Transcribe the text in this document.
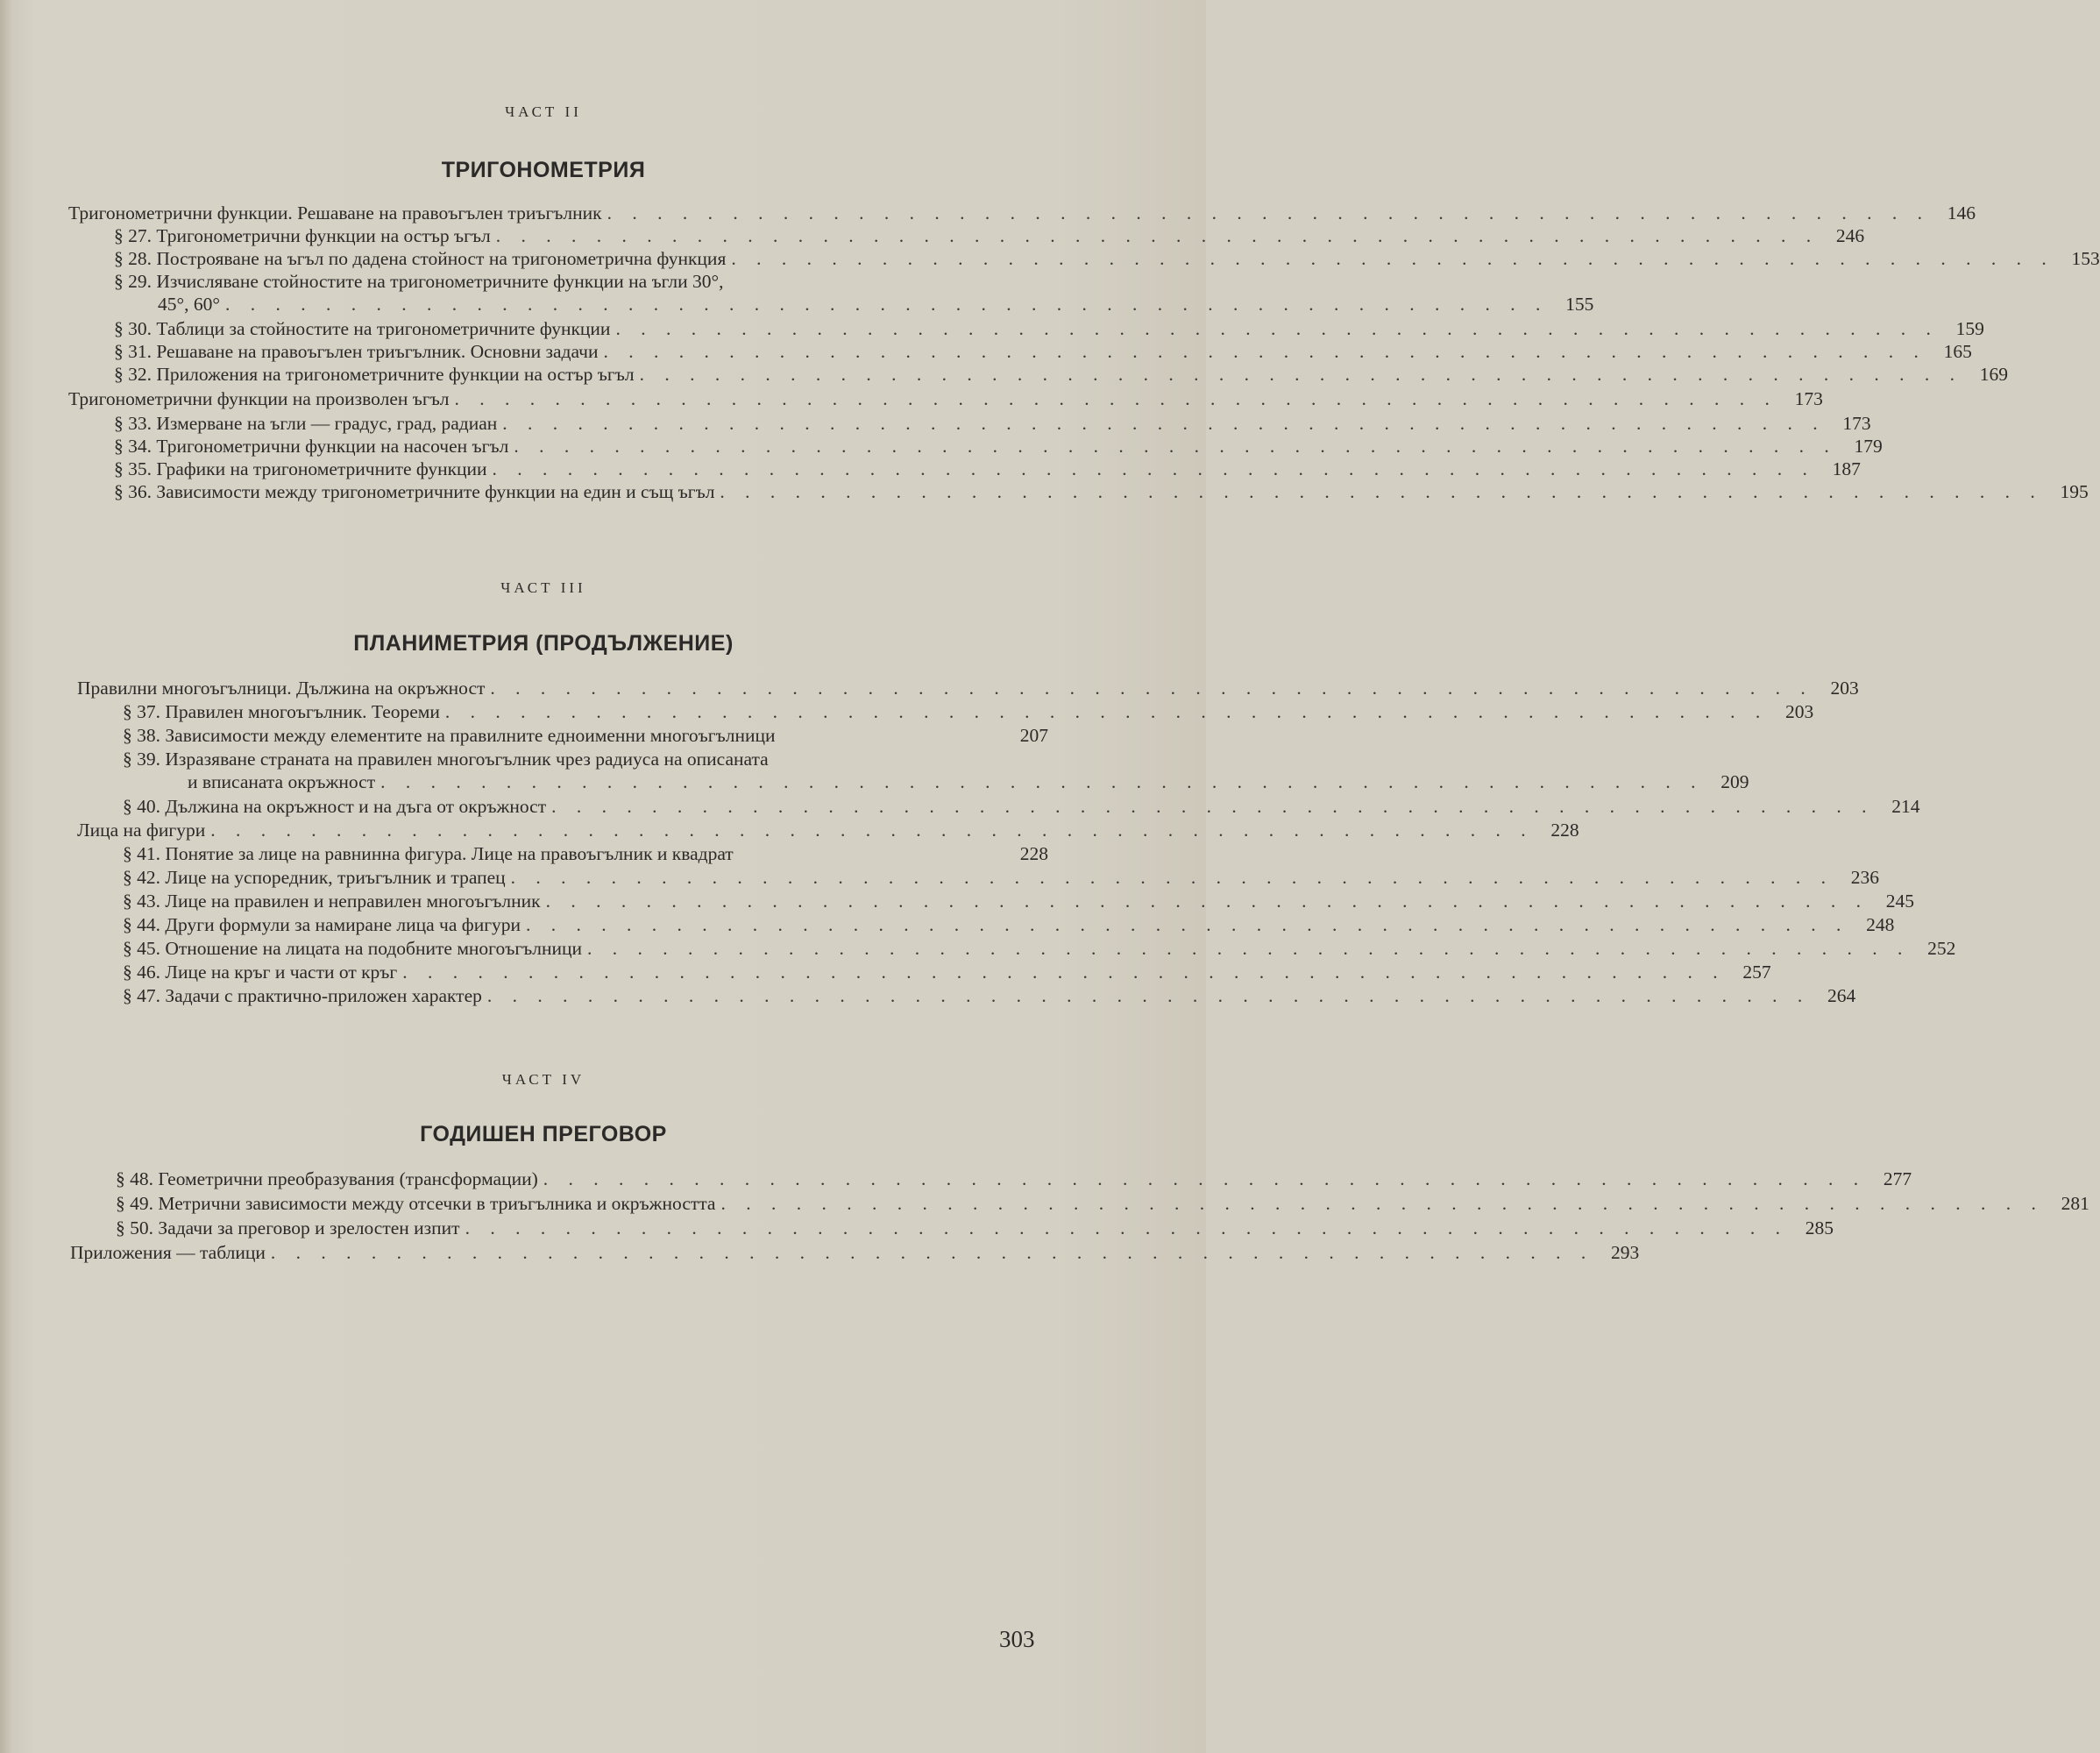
ЧАСТ II
ТРИГОНОМЕТРИЯ
Тригонометрични функции. Решаване на правоъгълен триъгълник . . . . . . . . . . . . . . . . . . . . . . . . . . . . . . . . . . . . . . . . . . . . . . . . . . . . . 146
§ 27. Тригонометрични функции на остър ъгъл . . . . . . . . . . . . . . . . . . . . . . . . . . . . . . . . . . . . . . . . . . . . . . . . . . . . . 246
§ 28. Построяване на ъгъл по дадена стойност на тригонометрична функция . . . . . . . . . . . . . . . . . . . . . . . . . . . . . . . . . . . . . . . . . . . . . . . . . . . . . 153
§ 29. Изчисляване стойностите на тригонометричните функции на ъгли 30°,
45°, 60° . . . . . . . . . . . . . . . . . . . . . . . . . . . . . . . . . . . . . . . . . . . . . . . . . . . . . 155
§ 30. Таблици за стойностите на тригонометричните функции . . . . . . . . . . . . . . . . . . . . . . . . . . . . . . . . . . . . . . . . . . . . . . . . . . . . . 159
§ 31. Решаване на правоъгълен триъгълник. Основни задачи . . . . . . . . . . . . . . . . . . . . . . . . . . . . . . . . . . . . . . . . . . . . . . . . . . . . . 165
§ 32. Приложения на тригонометричните функции на остър ъгъл . . . . . . . . . . . . . . . . . . . . . . . . . . . . . . . . . . . . . . . . . . . . . . . . . . . . . 169
Тригонометрични функции на произволен ъгъл . . . . . . . . . . . . . . . . . . . . . . . . . . . . . . . . . . . . . . . . . . . . . . . . . . . . . 173
§ 33. Измерване на ъгли — градус, град, радиан . . . . . . . . . . . . . . . . . . . . . . . . . . . . . . . . . . . . . . . . . . . . . . . . . . . . . 173
§ 34. Тригонометрични функции на насочен ъгъл . . . . . . . . . . . . . . . . . . . . . . . . . . . . . . . . . . . . . . . . . . . . . . . . . . . . . 179
§ 35. Графики на тригонометричните функции . . . . . . . . . . . . . . . . . . . . . . . . . . . . . . . . . . . . . . . . . . . . . . . . . . . . . 187
§ 36. Зависимости между тригонометричните функции на един и същ ъгъл . . . . . . . . . . . . . . . . . . . . . . . . . . . . . . . . . . . . . . . . . . . . . . . . . . . . . 195
ЧАСТ III
ПЛАНИМЕТРИЯ (ПРОДЪЛЖЕНИЕ)
Правилни многоъгълници. Дължина на окръжност . . . . . . . . . . . . . . . . . . . . . . . . . . . . . . . . . . . . . . . . . . . . . . . . . . . . . 203
§ 37. Правилен многоъгълник. Теореми . . . . . . . . . . . . . . . . . . . . . . . . . . . . . . . . . . . . . . . . . . . . . . . . . . . . . 203
§ 38. Зависимости между елементите на правилните едноименни многоъгълници	207
§ 39. Изразяване страната на правилен многоъгълник чрез радиуса на описаната
и вписаната окръжност . . . . . . . . . . . . . . . . . . . . . . . . . . . . . . . . . . . . . . . . . . . . . . . . . . . . . 209
§ 40. Дължина на окръжност и на дъга от окръжност . . . . . . . . . . . . . . . . . . . . . . . . . . . . . . . . . . . . . . . . . . . . . . . . . . . . . 214
Лица на фигури . . . . . . . . . . . . . . . . . . . . . . . . . . . . . . . . . . . . . . . . . . . . . . . . . . . . . 228
§ 41. Понятие за лице на равнинна фигура. Лице на правоъгълник и квадрат	228
§ 42. Лице на успоредник, триъгълник и трапец . . . . . . . . . . . . . . . . . . . . . . . . . . . . . . . . . . . . . . . . . . . . . . . . . . . . . 236
§ 43. Лице на правилен и неправилен многоъгълник . . . . . . . . . . . . . . . . . . . . . . . . . . . . . . . . . . . . . . . . . . . . . . . . . . . . . 245
§ 44. Други формули за намиране лица ча фигури . . . . . . . . . . . . . . . . . . . . . . . . . . . . . . . . . . . . . . . . . . . . . . . . . . . . . 248
§ 45. Отношение на лицата на подобните многоъгълници . . . . . . . . . . . . . . . . . . . . . . . . . . . . . . . . . . . . . . . . . . . . . . . . . . . . . 252
§ 46. Лице на кръг и части от кръг . . . . . . . . . . . . . . . . . . . . . . . . . . . . . . . . . . . . . . . . . . . . . . . . . . . . . 257
§ 47. Задачи с практично-приложен характер . . . . . . . . . . . . . . . . . . . . . . . . . . . . . . . . . . . . . . . . . . . . . . . . . . . . . 264
ЧАСТ IV
ГОДИШЕН ПРЕГОВОР
§ 48. Геометрични преобразувания (трансформации) . . . . . . . . . . . . . . . . . . . . . . . . . . . . . . . . . . . . . . . . . . . . . . . . . . . . . 277
§ 49. Метрични зависимости между отсечки в триъгълника и окръжността . . . . . . . . . . . . . . . . . . . . . . . . . . . . . . . . . . . . . . . . . . . . . . . . . . . . . 281
§ 50. Задачи за преговор и зрелостен изпит . . . . . . . . . . . . . . . . . . . . . . . . . . . . . . . . . . . . . . . . . . . . . . . . . . . . . 285
Приложения — таблици . . . . . . . . . . . . . . . . . . . . . . . . . . . . . . . . . . . . . . . . . . . . . . . . . . . . . 293
303
